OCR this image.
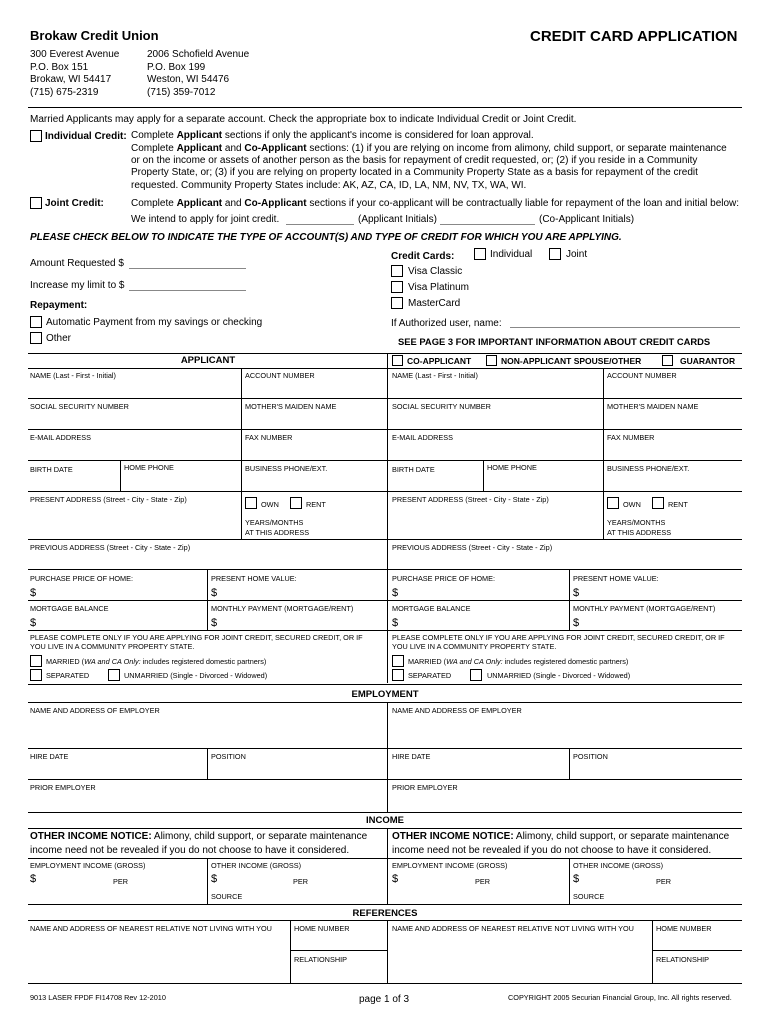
Brokaw Credit Union	CREDIT CARD APPLICATION
300 Everest Avenue
P.O. Box 151
Brokaw, WI 54417
(715) 675-2319
2006 Schofield Avenue
P.O. Box 199
Weston, WI 54476
(715) 359-7012
Married Applicants may apply for a separate account. Check the appropriate box to indicate Individual Credit or Joint Credit.
Individual Credit: Complete Applicant sections if only the applicant's income is considered for loan approval.
Complete Applicant and Co-Applicant sections: (1) if you are relying on income from alimony, child support, or separate maintenance
or on the income or assets of another person as the basis for repayment of credit requested, or; (2) if you reside in a Community
Property State, or; (3) if you are relying on property located in a Community Property State as a basis for repayment of the credit
requested. Community Property States include: AK, AZ, CA, ID, LA, NM, NV, TX, WA, WI.
Joint Credit:	Complete Applicant and Co-Applicant sections if your co-applicant will be contractually liable for repayment of the loan and initial below:
We intend to apply for joint credit.	(Applicant Initials)	(Co-Applicant Initials)
PLEASE CHECK BELOW TO INDICATE THE TYPE OF ACCOUNT(S) AND TYPE OF CREDIT FOR WHICH YOU ARE APPLYING.
Amount Requested $
Increase my limit to $
Repayment:
Automatic Payment from my savings or checking
Other
Credit Cards:	Individual	Joint
Visa Classic
Visa Platinum
MasterCard
If Authorized user, name:
SEE PAGE 3 FOR IMPORTANT INFORMATION ABOUT CREDIT CARDS
APPLICANT	CO-APPLICANT	NON-APPLICANT SPOUSE/OTHER	GUARANTOR
NAME (Last - First - Initial)	ACCOUNT NUMBER
SOCIAL SECURITY NUMBER	MOTHER'S MAIDEN NAME
E-MAIL ADDRESS	FAX NUMBER
BIRTH DATE	HOME PHONE	BUSINESS PHONE/EXT.
PRESENT ADDRESS (Street - City - State - Zip)
OWN	RENT
YEARS/MONTHS
AT THIS ADDRESS
PREVIOUS ADDRESS (Street - City - State - Zip)
PURCHASE PRICE OF HOME:	PRESENT HOME VALUE:
$	$
MORTGAGE BALANCE	MONTHLY PAYMENT (MORTGAGE/RENT)
$	$
PLEASE COMPLETE ONLY IF YOU ARE APPLYING FOR JOINT CREDIT, SECURED CREDIT, OR IF
YOU LIVE IN A COMMUNITY PROPERTY STATE.
MARRIED (WA and CA Only: includes registered domestic partners)
SEPARATED	UNMARRIED (Single - Divorced - Widowed)
NAME (Last - First - Initial)	ACCOUNT NUMBER
SOCIAL SECURITY NUMBER	MOTHER'S MAIDEN NAME
E-MAIL ADDRESS	FAX NUMBER
BIRTH DATE	HOME PHONE	BUSINESS PHONE/EXT.
PRESENT ADDRESS (Street - City - State - Zip)
OWN	RENT
YEARS/MONTHS
AT THIS ADDRESS
PREVIOUS ADDRESS (Street - City - State - Zip)
PURCHASE PRICE OF HOME:	PRESENT HOME VALUE:
$	$
MORTGAGE BALANCE	MONTHLY PAYMENT (MORTGAGE/RENT)
$	$
PLEASE COMPLETE ONLY IF YOU ARE APPLYING FOR JOINT CREDIT, SECURED CREDIT, OR IF
YOU LIVE IN A COMMUNITY PROPERTY STATE.
MARRIED (WA and CA Only: includes registered domestic partners)
SEPARATED	UNMARRIED (Single - Divorced - Widowed)
EMPLOYMENT
NAME AND ADDRESS OF EMPLOYER	NAME AND ADDRESS OF EMPLOYER
HIRE DATE	POSITION	HIRE DATE	POSITION
PRIOR EMPLOYER	PRIOR EMPLOYER
INCOME
OTHER INCOME NOTICE: Alimony, child support, or separate maintenance
income need not be revealed if you do not choose to have it considered.
OTHER INCOME NOTICE: Alimony, child support, or separate maintenance
income need not be revealed if you do not choose to have it considered.
EMPLOYMENT INCOME (GROSS)	OTHER INCOME (GROSS)
$	PER	$	PER
SOURCE
EMPLOYMENT INCOME (GROSS)	OTHER INCOME (GROSS)
$	PER	$	PER
SOURCE
REFERENCES
NAME AND ADDRESS OF NEAREST RELATIVE NOT LIVING WITH YOU	HOME NUMBER	NAME AND ADDRESS OF NEAREST RELATIVE NOT LIVING WITH YOU	HOME NUMBER
RELATIONSHIP	RELATIONSHIP
9013 LASER FPDF FI14708 Rev 12-2010	page 1 of 3	COPYRIGHT 2005 Securian Financial Group, Inc. All rights reserved.
